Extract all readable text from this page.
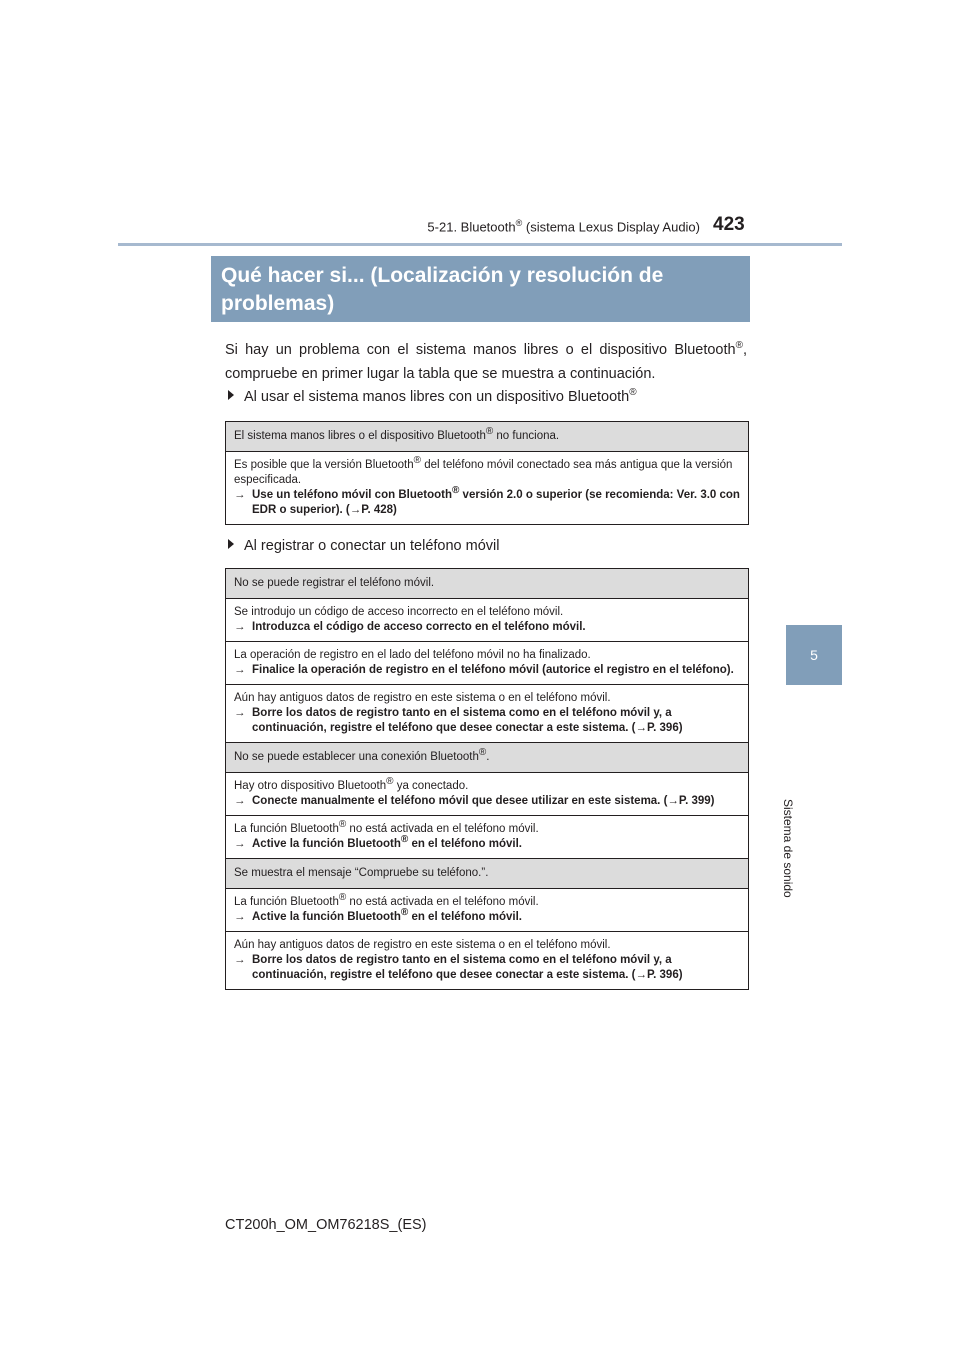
5-21. Bluetooth® (sistema Lexus Display Audio) 423
5
Sistema de sonido
Qué hacer si... (Localización y resolución de problemas)
Si hay un problema con el sistema manos libres o el dispositivo Bluetooth®, compruebe en primer lugar la tabla que se muestra a continuación.
Al usar el sistema manos libres con un dispositivo Bluetooth®
El sistema manos libres o el dispositivo Bluetooth® no funciona.
Es posible que la versión Bluetooth® del teléfono móvil conectado sea más antigua que la versión especificada.
→ Use un teléfono móvil con Bluetooth® versión 2.0 o superior (se recomienda: Ver. 3.0 con EDR o superior). (→P. 428)
Al registrar o conectar un teléfono móvil
No se puede registrar el teléfono móvil.
Se introdujo un código de acceso incorrecto en el teléfono móvil.
→ Introduzca el código de acceso correcto en el teléfono móvil.
La operación de registro en el lado del teléfono móvil no ha finalizado.
→ Finalice la operación de registro en el teléfono móvil (autorice el registro en el teléfono).
Aún hay antiguos datos de registro en este sistema o en el teléfono móvil.
→ Borre los datos de registro tanto en el sistema como en el teléfono móvil y, a continuación, registre el teléfono que desee conectar a este sistema. (→P. 396)
No se puede establecer una conexión Bluetooth®.
Hay otro dispositivo Bluetooth® ya conectado.
→ Conecte manualmente el teléfono móvil que desee utilizar en este sistema. (→P. 399)
La función Bluetooth® no está activada en el teléfono móvil.
→ Active la función Bluetooth® en el teléfono móvil.
Se muestra el mensaje “Compruebe su teléfono.”.
La función Bluetooth® no está activada en el teléfono móvil.
→ Active la función Bluetooth® en el teléfono móvil.
Aún hay antiguos datos de registro en este sistema o en el teléfono móvil.
→ Borre los datos de registro tanto en el sistema como en el teléfono móvil y, a continuación, registre el teléfono que desee conectar a este sistema. (→P. 396)
CT200h_OM_OM76218S_(ES)
